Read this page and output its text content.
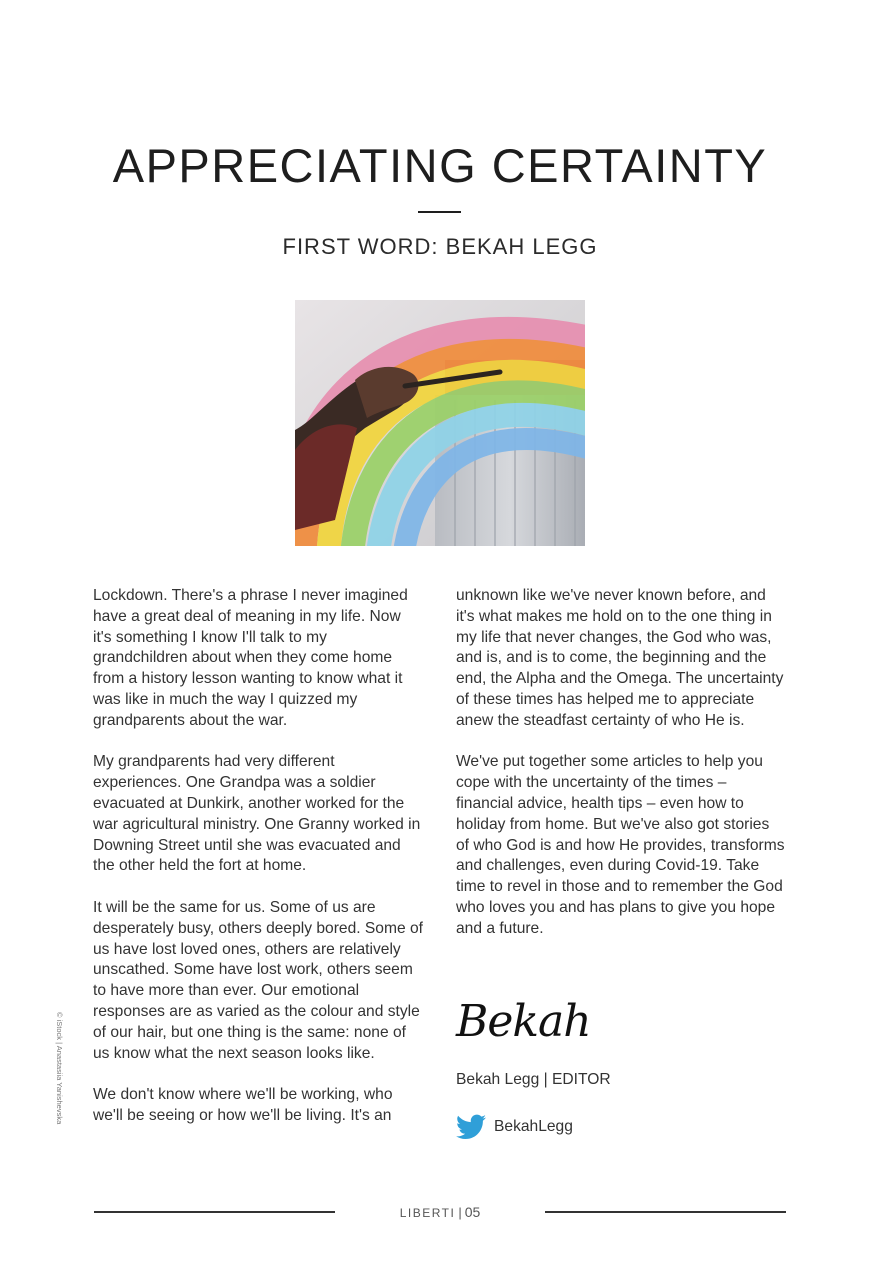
APPRECIATING CERTAINTY
FIRST WORD: BEKAH LEGG

Lockdown. There's a phrase I never imagined have a great deal of meaning in my life. Now it's something I know I'll talk to my grandchildren about when they come home from a history lesson wanting to know what it was like in much the way I quizzed my grandparents about the war.

My grandparents had very different experiences. One Grandpa was a soldier evacuated at Dunkirk, another worked for the war agricultural ministry. One Granny worked in Downing Street until she was evacuated and the other held the fort at home.

It will be the same for us. Some of us are desperately busy, others deeply bored. Some of us have lost loved ones, others are relatively unscathed. Some have lost work, others seem to have more than ever. Our emotional responses are as varied as the colour and style of our hair, but one thing is the same: none of us know what the next season looks like.

We don't know where we'll be working, who we'll be seeing or how we'll be living. It's an

unknown like we've never known before, and it's what makes me hold on to the one thing in my life that never changes, the God who was, and is, and is to come, the beginning and the end, the Alpha and the Omega. The uncertainty of these times has helped me to appreciate anew the steadfast certainty of who He is.

We've put together some articles to help you cope with the uncertainty of the times – financial advice, health tips – even how to holiday from home. But we've also got stories of who God is and how He provides, transforms and challenges, even during Covid-19. Take time to revel in those and to remember the God who loves you and has plans to give you hope and a future.

© iStock | Anastasiia Yanishevska	Bekah
Bekah Legg | EDITOR
BekahLegg
LIBERTI | 05
